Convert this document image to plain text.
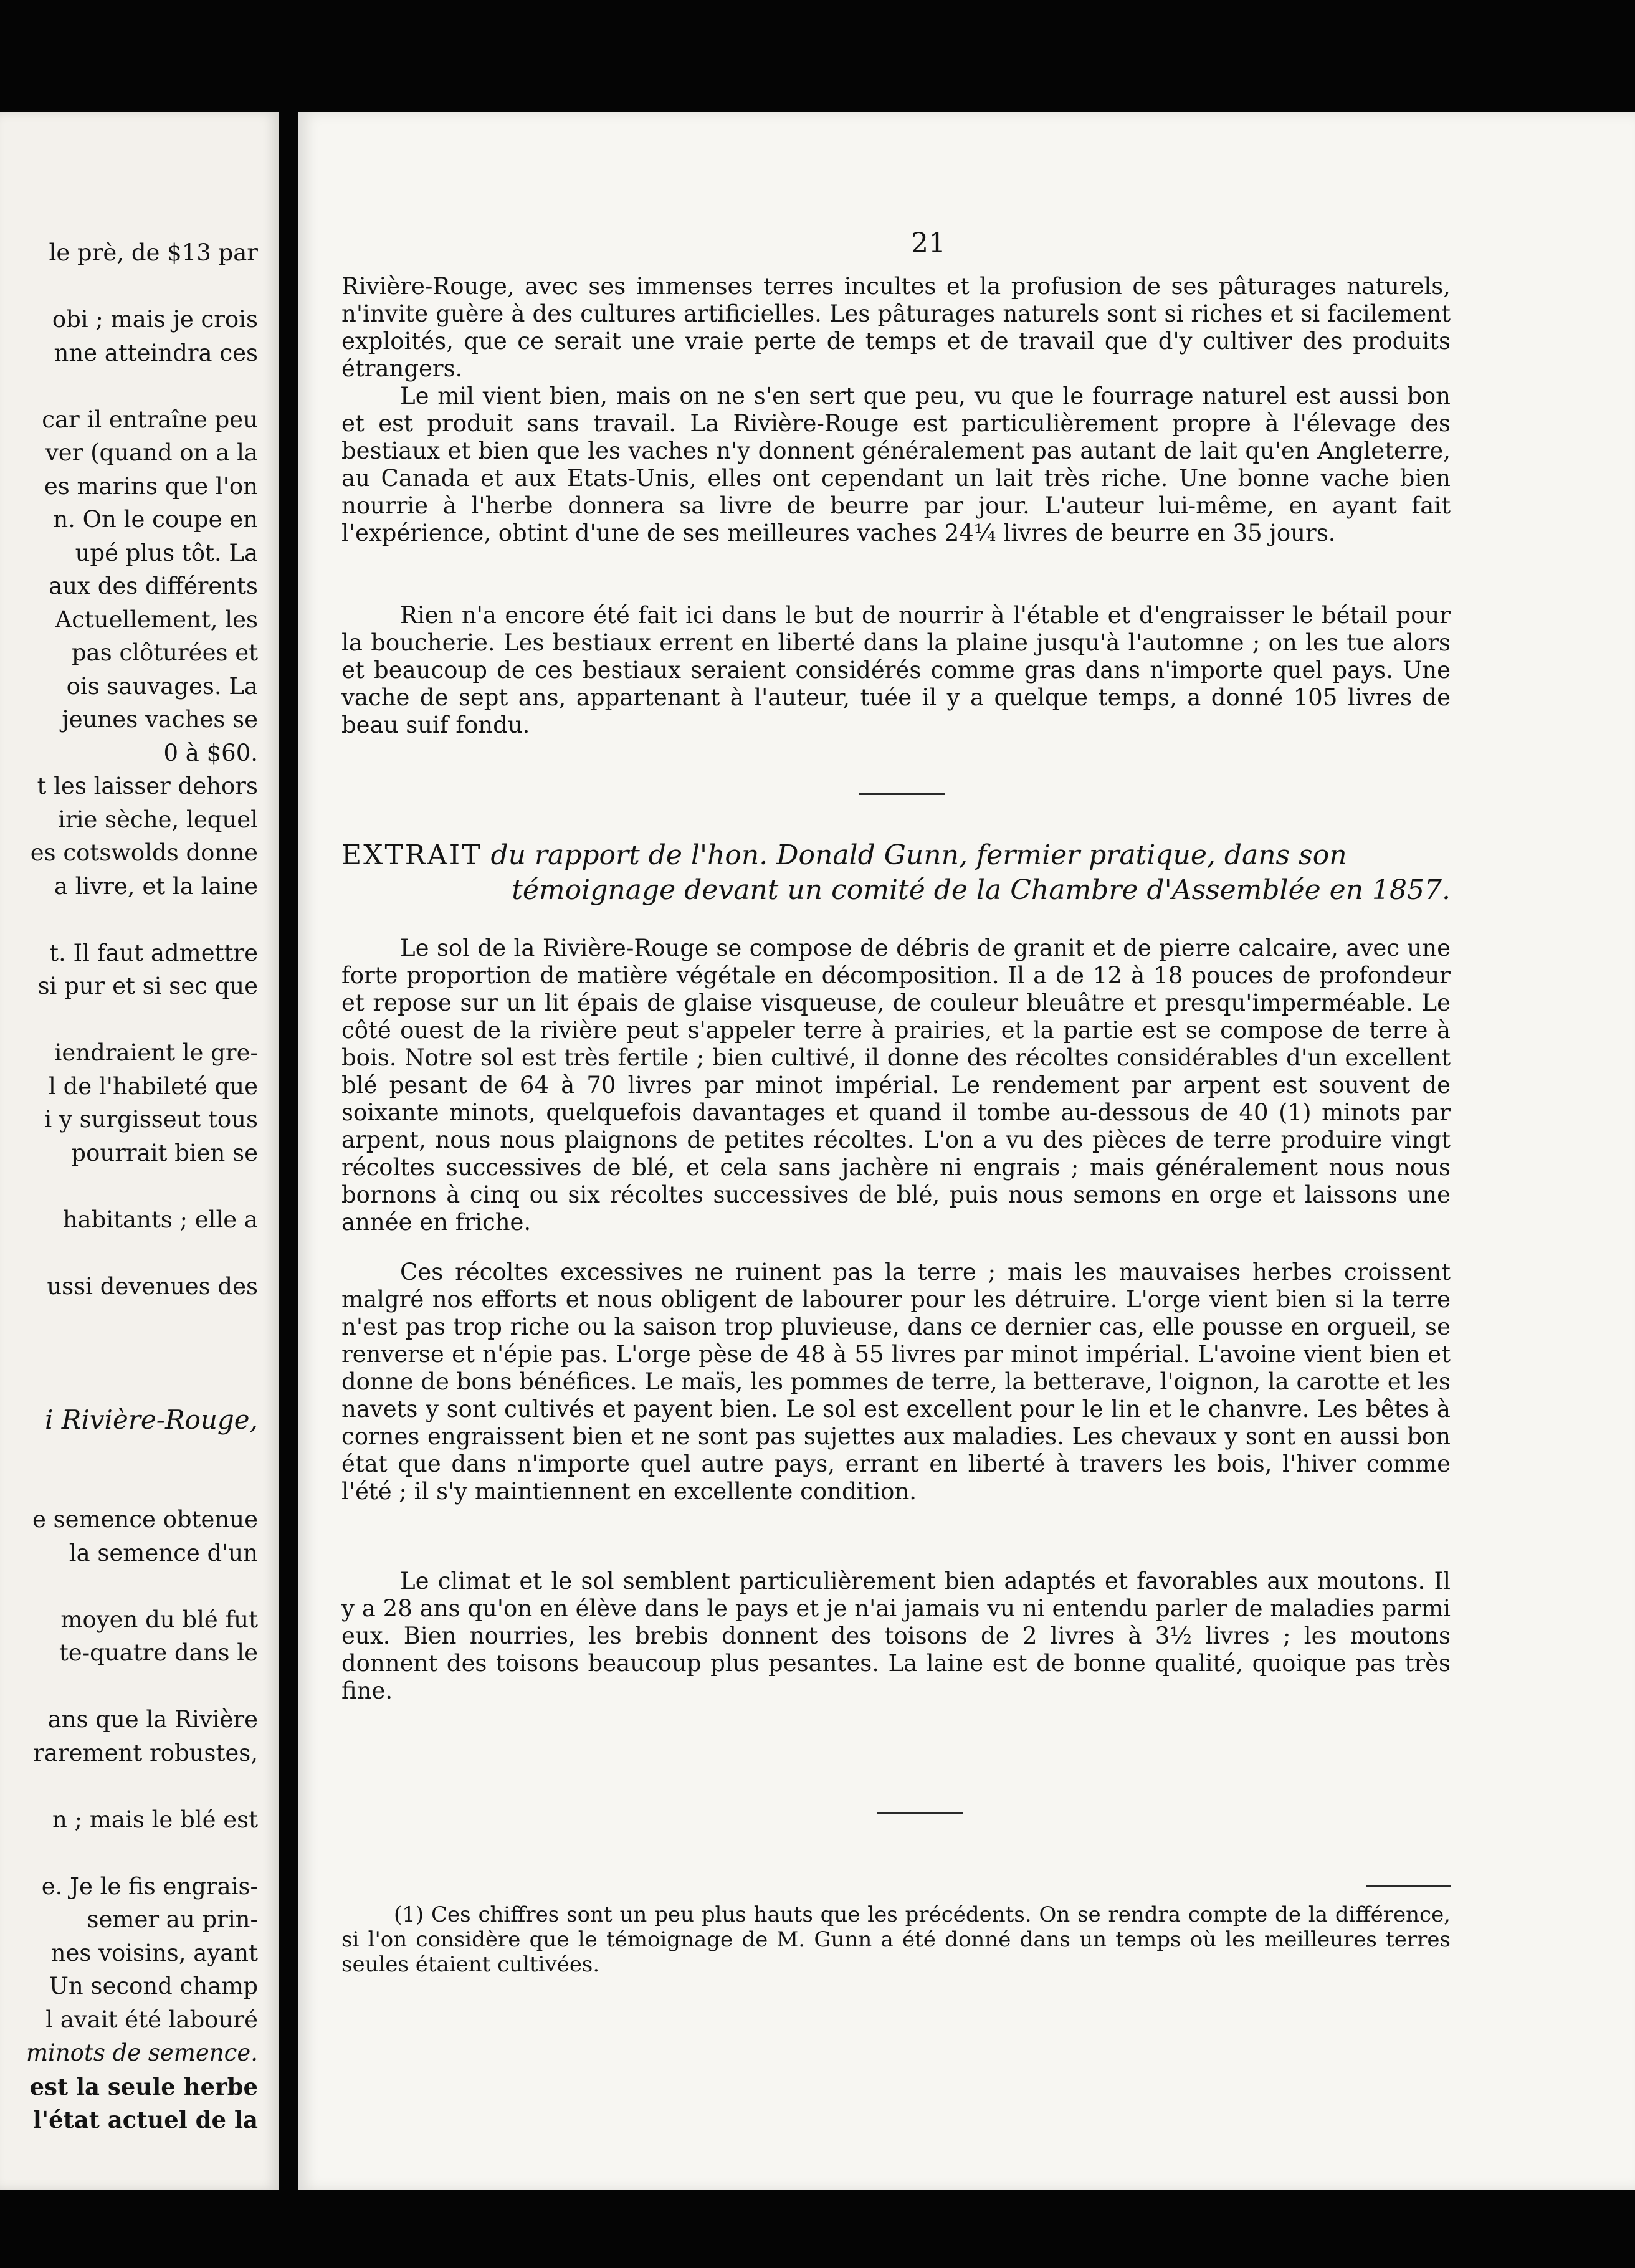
le prè, de $13 par
obi ; mais je crois
nne atteindra ces
car il entraîne peu
ver (quand on a la
es marins que l'on
n. On le coupe en
upé plus tôt. La
aux des différents
Actuellement, les
pas clôturées et
ois sauvages. La
jeunes vaches se
0 à $60.
t les laisser dehors
irie sèche, lequel
es cotswolds donne
a livre, et la laine
t. Il faut admettre
si pur et si sec que
iendraient le gre-
l de l'habileté que
i y surgisseut tous
pourrait bien se
habitants ; elle a
ussi devenues des
i Rivière-Rouge,
e semence obtenue
la semence d'un
moyen du blé fut
te-quatre dans le
ans que la Rivière
rarement robustes,
n ; mais le blé est
e. Je le fis engrais-
semer au prin-
nes voisins, ayant
Un second champ
l avait été labouré
minots de semence.
est la seule herbe
l'état actuel de la
21

Rivière-Rouge, avec ses immenses terres incultes et la profusion de ses pâturages naturels, n'invite guère à des cultures artificielles. Les pâturages naturels sont si riches et si facilement exploités, que ce serait une vraie perte de temps et de travail que d'y cultiver des produits étrangers.

Le mil vient bien, mais on ne s'en sert que peu, vu que le fourrage naturel est aussi bon et est produit sans travail. La Rivière-Rouge est particulièrement propre à l'élevage des bestiaux et bien que les vaches n'y donnent généralement pas autant de lait qu'en Angleterre, au Canada et aux Etats-Unis, elles ont cependant un lait très riche. Une bonne vache bien nourrie à l'herbe donnera sa livre de beurre par jour. L'auteur lui-même, en ayant fait l'expérience, obtint d'une de ses meilleures vaches 24¼ livres de beurre en 35 jours.

Rien n'a encore été fait ici dans le but de nourrir à l'étable et d'engraisser le bétail pour la boucherie. Les bestiaux errent en liberté dans la plaine jusqu'à l'automne ; on les tue alors et beaucoup de ces bestiaux seraient considérés comme gras dans n'importe quel pays. Une vache de sept ans, appartenant à l'auteur, tuée il y a quelque temps, a donné 105 livres de beau suif fondu.

EXTRAIT du rapport de l'hon. Donald Gunn, fermier pratique, dans son
témoignage devant un comité de la Chambre d'Assemblée en 1857.

Le sol de la Rivière-Rouge se compose de débris de granit et de pierre calcaire, avec une forte proportion de matière végétale en décomposition. Il a de 12 à 18 pouces de profondeur et repose sur un lit épais de glaise visqueuse, de couleur bleuâtre et presqu'imperméable. Le côté ouest de la rivière peut s'appeler terre à prairies, et la partie est se compose de terre à bois. Notre sol est très fertile ; bien cultivé, il donne des récoltes considérables d'un excellent blé pesant de 64 à 70 livres par minot impérial. Le rendement par arpent est souvent de soixante minots, quelquefois davantages et quand il tombe au-dessous de 40 (1) minots par arpent, nous nous plaignons de petites récoltes. L'on a vu des pièces de terre produire vingt récoltes successives de blé, et cela sans jachère ni engrais ; mais généralement nous nous bornons à cinq ou six récoltes successives de blé, puis nous semons en orge et laissons une année en friche.

Ces récoltes excessives ne ruinent pas la terre ; mais les mauvaises herbes croissent malgré nos efforts et nous obligent de labourer pour les détruire. L'orge vient bien si la terre n'est pas trop riche ou la saison trop pluvieuse, dans ce dernier cas, elle pousse en orgueil, se renverse et n'épie pas. L'orge pèse de 48 à 55 livres par minot impérial. L'avoine vient bien et donne de bons bénéfices. Le maïs, les pommes de terre, la betterave, l'oignon, la carotte et les navets y sont cultivés et payent bien. Le sol est excellent pour le lin et le chanvre. Les bêtes à cornes engraissent bien et ne sont pas sujettes aux maladies. Les chevaux y sont en aussi bon état que dans n'importe quel autre pays, errant en liberté à travers les bois, l'hiver comme l'été ; il s'y maintiennent en excellente condition.

Le climat et le sol semblent particulièrement bien adaptés et favorables aux moutons. Il y a 28 ans qu'on en élève dans le pays et je n'ai jamais vu ni entendu parler de maladies parmi eux. Bien nourries, les brebis donnent des toisons de 2 livres à 3½ livres ; les moutons donnent des toisons beaucoup plus pesantes. La laine est de bonne qualité, quoique pas très fine.

(1) Ces chiffres sont un peu plus hauts que les précédents. On se rendra compte de la différence, si l'on considère que le témoignage de M. Gunn a été donné dans un temps où les meilleures terres seules étaient cultivées.
